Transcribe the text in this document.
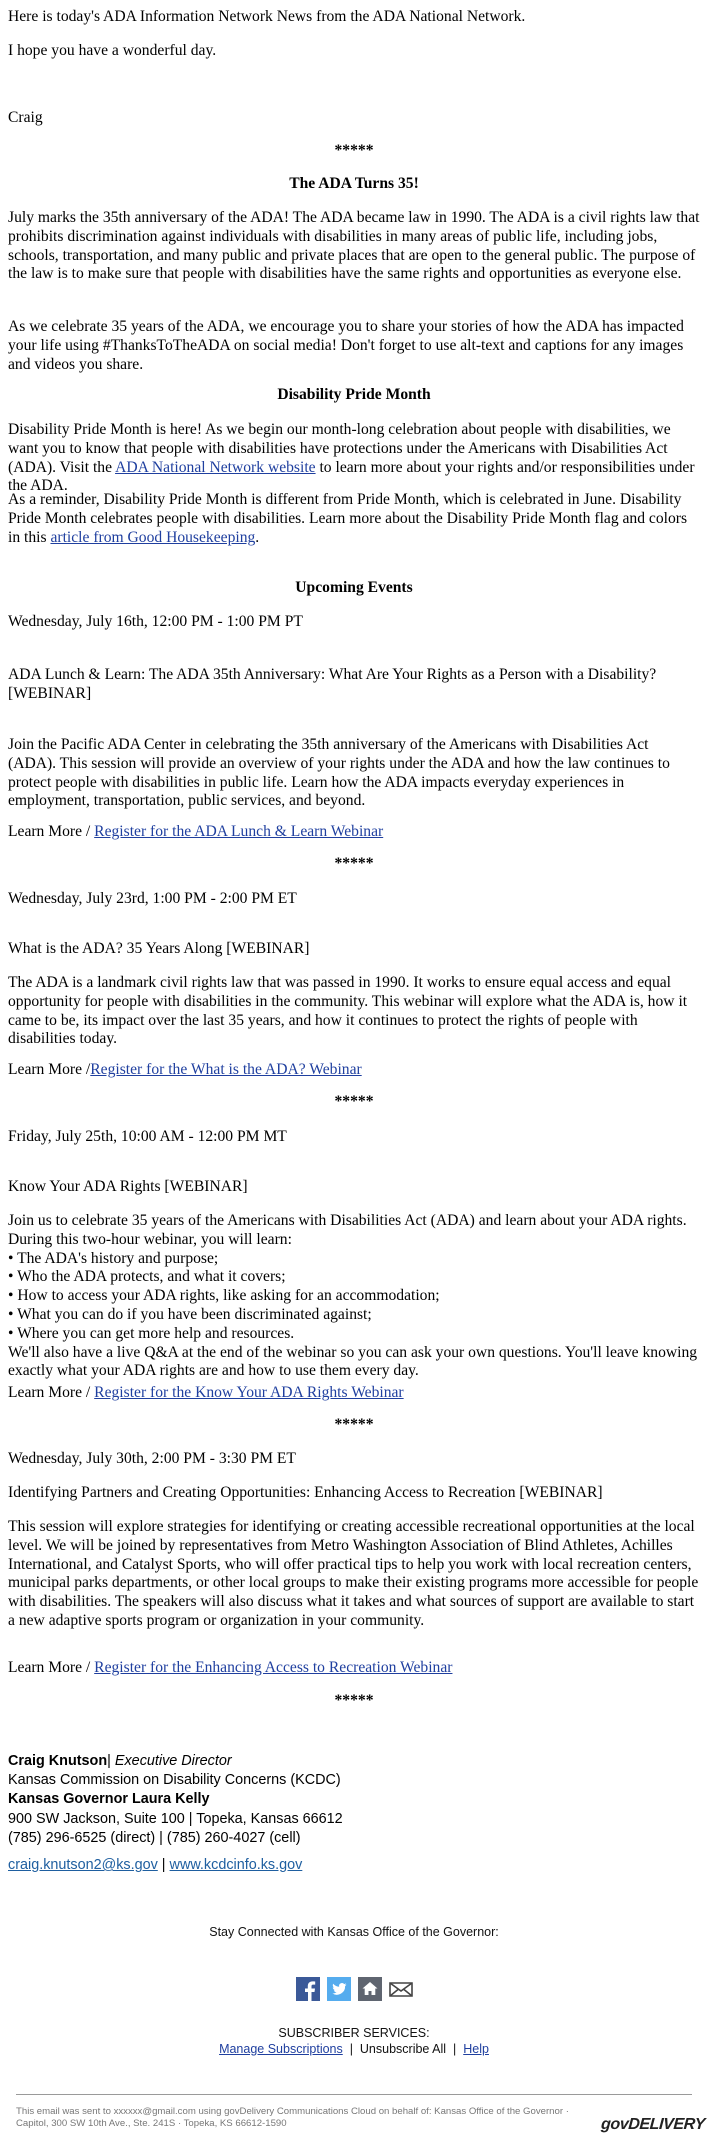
Here is today's ADA Information Network News from the ADA National Network.

I hope you have a wonderful day.

Craig

*****

The ADA Turns 35!

July marks the 35th anniversary of the ADA! The ADA became law in 1990. The ADA is a civil rights law that prohibits discrimination against individuals with disabilities in many areas of public life, including jobs, schools, transportation, and many public and private places that are open to the general public. The purpose of the law is to make sure that people with disabilities have the same rights and opportunities as everyone else.

As we celebrate 35 years of the ADA, we encourage you to share your stories of how the ADA has impacted your life using #ThanksToTheADA on social media! Don't forget to use alt-text and captions for any images and videos you share.

Disability Pride Month

Disability Pride Month is here! As we begin our month-long celebration about people with disabilities, we want you to know that people with disabilities have protections under the Americans with Disabilities Act (ADA). Visit the ADA National Network website to learn more about your rights and/or responsibilities under the ADA.

As a reminder, Disability Pride Month is different from Pride Month, which is celebrated in June. Disability Pride Month celebrates people with disabilities. Learn more about the Disability Pride Month flag and colors in this article from Good Housekeeping.

Upcoming Events

Wednesday, July 16th, 12:00 PM - 1:00 PM PT

ADA Lunch & Learn: The ADA 35th Anniversary: What Are Your Rights as a Person with a Disability? [WEBINAR]

Join the Pacific ADA Center in celebrating the 35th anniversary of the Americans with Disabilities Act (ADA). This session will provide an overview of your rights under the ADA and how the law continues to protect people with disabilities in public life. Learn how the ADA impacts everyday experiences in employment, transportation, public services, and beyond.

Learn More / Register for the ADA Lunch & Learn Webinar

*****

Wednesday, July 23rd, 1:00 PM - 2:00 PM ET

What is the ADA? 35 Years Along [WEBINAR]

The ADA is a landmark civil rights law that was passed in 1990. It works to ensure equal access and equal opportunity for people with disabilities in the community. This webinar will explore what the ADA is, how it came to be, its impact over the last 35 years, and how it continues to protect the rights of people with disabilities today.

Learn More /Register for the What is the ADA? Webinar

*****

Friday, July 25th, 10:00 AM - 12:00 PM MT

Know Your ADA Rights [WEBINAR]

Join us to celebrate 35 years of the Americans with Disabilities Act (ADA) and learn about your ADA rights. During this two-hour webinar, you will learn:
• The ADA's history and purpose;
• Who the ADA protects, and what it covers;
• How to access your ADA rights, like asking for an accommodation;
• What you can do if you have been discriminated against;
• Where you can get more help and resources.
We'll also have a live Q&A at the end of the webinar so you can ask your own questions. You'll leave knowing exactly what your ADA rights are and how to use them every day.

Learn More / Register for the Know Your ADA Rights Webinar

*****

Wednesday, July 30th, 2:00 PM - 3:30 PM ET

Identifying Partners and Creating Opportunities: Enhancing Access to Recreation [WEBINAR]

This session will explore strategies for identifying or creating accessible recreational opportunities at the local level. We will be joined by representatives from Metro Washington Association of Blind Athletes, Achilles International, and Catalyst Sports, who will offer practical tips to help you work with local recreation centers, municipal parks departments, or other local groups to make their existing programs more accessible for people with disabilities. The speakers will also discuss what it takes and what sources of support are available to start a new adaptive sports program or organization in your community.

Learn More / Register for the Enhancing Access to Recreation Webinar

*****

Craig Knutson| Executive Director
Kansas Commission on Disability Concerns (KCDC)
Kansas Governor Laura Kelly
900 SW Jackson, Suite 100 | Topeka, Kansas 66612
(785) 296-6525 (direct) | (785) 260-4027 (cell)
craig.knutson2@ks.gov | www.kcdcinfo.ks.gov

Stay Connected with Kansas Office of the Governor:

SUBSCRIBER SERVICES:

Manage Subscriptions | Unsubscribe All | Help

This email was sent to xxxxxx@gmail.com using govDelivery Communications Cloud on behalf of: Kansas Office of the Governor · Capitol, 300 SW 10th Ave., Ste. 241S · Topeka, KS 66612-1590	govDELIVERY
